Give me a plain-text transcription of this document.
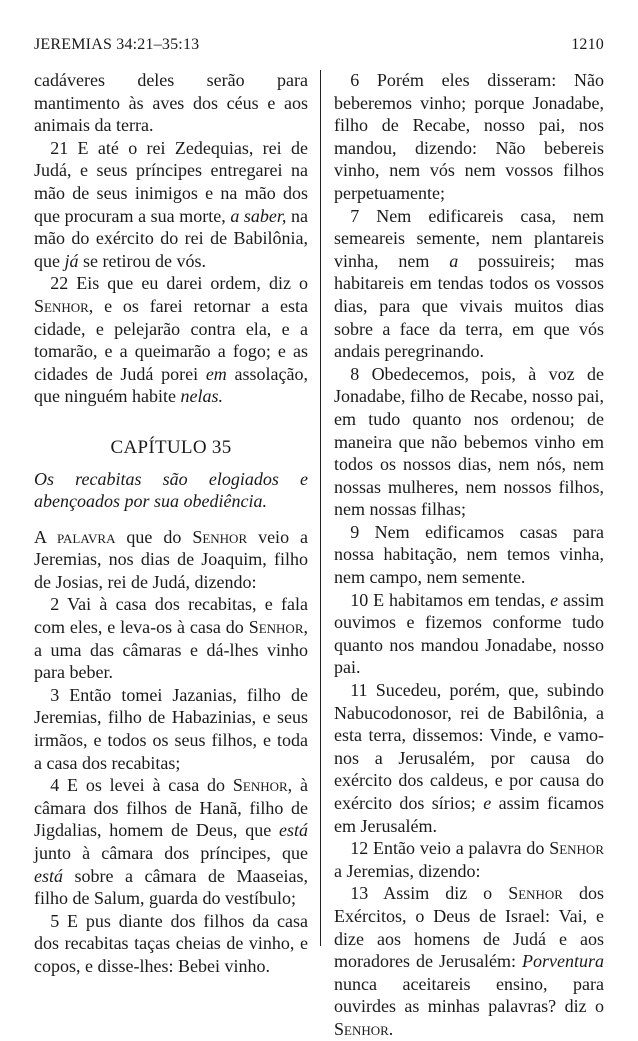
JEREMIAS 34:21–35:13	1210

cadáveres deles serão para mantimento às aves dos céus e aos animais da terra.

21 E até o rei Zedequias, rei de Judá, e seus príncipes entregarei na mão de seus inimigos e na mão dos que procuram a sua morte, a saber, na mão do exército do rei de Babilônia, que já se retirou de vós.

22 Eis que eu darei ordem, diz o Senhor, e os farei retornar a esta cidade, e pelejarão contra ela, e a tomarão, e a queimarão a fogo; e as cidades de Judá porei em assolação, que ninguém habite nelas.

CAPÍTULO 35

Os recabitas são elogiados e abençoados por sua obediência.

A palavra que do Senhor veio a Jeremias, nos dias de Joaquim, filho de Josias, rei de Judá, dizendo:

2 Vai à casa dos recabitas, e fala com eles, e leva-os à casa do Senhor, a uma das câmaras e dá-lhes vinho para beber.

3 Então tomei Jazanias, filho de Jeremias, filho de Habazinias, e seus irmãos, e todos os seus filhos, e toda a casa dos recabitas;

4 E os levei à casa do Senhor, à câmara dos filhos de Hanã, filho de Jigdalias, homem de Deus, que está junto à câmara dos príncipes, que está sobre a câmara de Maaseias, filho de Salum, guarda do vestíbulo;

5 E pus diante dos filhos da casa dos recabitas taças cheias de vinho, e copos, e disse-lhes: Bebei vinho.

6 Porém eles disseram: Não beberemos vinho; porque Jonadabe, filho de Recabe, nosso pai, nos mandou, dizendo: Não bebereis vinho, nem vós nem vossos filhos perpetuamente;

7 Nem edificareis casa, nem semeareis semente, nem plantareis vinha, nem a possuireis; mas habitareis em tendas todos os vossos dias, para que vivais muitos dias sobre a face da terra, em que vós andais peregrinando.

8 Obedecemos, pois, à voz de Jonadabe, filho de Recabe, nosso pai, em tudo quanto nos ordenou; de maneira que não bebemos vinho em todos os nossos dias, nem nós, nem nossas mulheres, nem nossos filhos, nem nossas filhas;

9 Nem edificamos casas para nossa habitação, nem temos vinha, nem campo, nem semente.

10 E habitamos em tendas, e assim ouvimos e fizemos conforme tudo quanto nos mandou Jonadabe, nosso pai.

11 Sucedeu, porém, que, subindo Nabucodonosor, rei de Babilônia, a esta terra, dissemos: Vinde, e vamo-nos a Jerusalém, por causa do exército dos caldeus, e por causa do exército dos sírios; e assim ficamos em Jerusalém.

12 Então veio a palavra do Senhor a Jeremias, dizendo:

13 Assim diz o Senhor dos Exércitos, o Deus de Israel: Vai, e dize aos homens de Judá e aos moradores de Jerusalém: Porventura nunca aceitareis ensino, para ouvirdes as minhas palavras? diz o Senhor.
